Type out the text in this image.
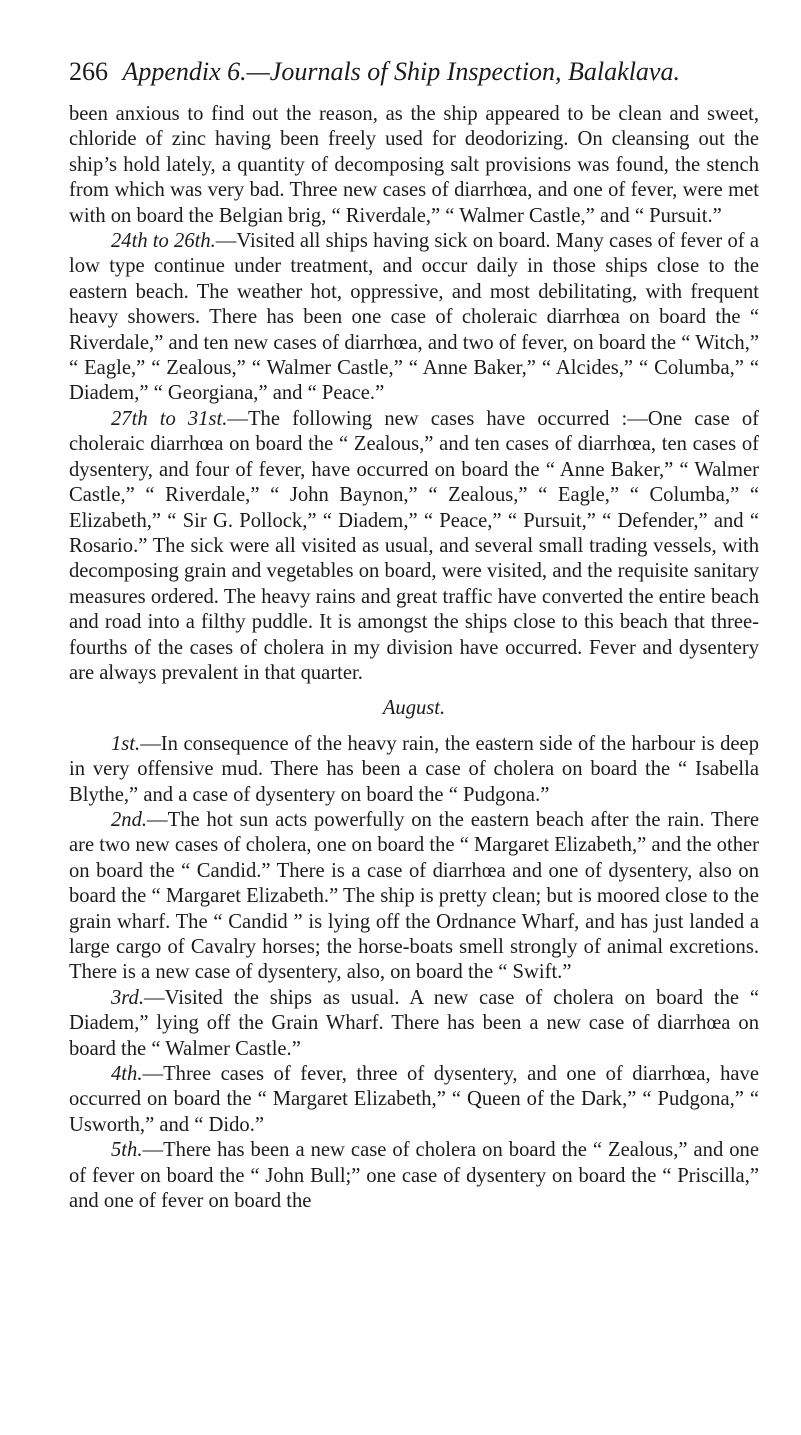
266 Appendix 6.—Journals of Ship Inspection, Balaklava.

been anxious to find out the reason, as the ship appeared to be clean and sweet, chloride of zinc having been freely used for deodorizing. On cleansing out the ship’s hold lately, a quantity of decomposing salt provisions was found, the stench from which was very bad. Three new cases of diarrhœa, and one of fever, were met with on board the Belgian brig, “ Riverdale,” “ Walmer Castle,” and “ Pursuit.”

24th to 26th.—Visited all ships having sick on board. Many cases of fever of a low type continue under treatment, and occur daily in those ships close to the eastern beach. The weather hot, oppressive, and most debilitating, with frequent heavy showers. There has been one case of choleraic diarrhœa on board the “ Riverdale,” and ten new cases of diarrhœa, and two of fever, on board the “ Witch,” “ Eagle,” “ Zealous,” “ Walmer Castle,” “ Anne Baker,” “ Alcides,” “ Columba,” “ Diadem,” “ Georgiana,” and “ Peace.”

27th to 31st.—The following new cases have occurred :—One case of choleraic diarrhœa on board the “ Zealous,” and ten cases of diarrhœa, ten cases of dysentery, and four of fever, have occurred on board the “ Anne Baker,” “ Walmer Castle,” “ Riverdale,” “ John Baynon,” “ Zealous,” “ Eagle,” “ Columba,” “ Elizabeth,” “ Sir G. Pollock,” “ Diadem,” “ Peace,” “ Pursuit,” “ Defender,” and “ Rosario.” The sick were all visited as usual, and several small trading vessels, with decomposing grain and vegetables on board, were visited, and the requisite sanitary measures ordered. The heavy rains and great traffic have converted the entire beach and road into a filthy puddle. It is amongst the ships close to this beach that three-fourths of the cases of cholera in my division have occurred. Fever and dysentery are always prevalent in that quarter.

August.

1st.—In consequence of the heavy rain, the eastern side of the harbour is deep in very offensive mud. There has been a case of cholera on board the “ Isabella Blythe,” and a case of dysentery on board the “ Pudgona.”

2nd.—The hot sun acts powerfully on the eastern beach after the rain. There are two new cases of cholera, one on board the “ Margaret Elizabeth,” and the other on board the “ Candid.” There is a case of diarrhœa and one of dysentery, also on board the “ Margaret Elizabeth.” The ship is pretty clean; but is moored close to the grain wharf. The “ Candid ” is lying off the Ordnance Wharf, and has just landed a large cargo of Cavalry horses; the horse-boats smell strongly of animal excretions. There is a new case of dysentery, also, on board the “ Swift.”

3rd.—Visited the ships as usual. A new case of cholera on board the “ Diadem,” lying off the Grain Wharf. There has been a new case of diarrhœa on board the “ Walmer Castle.”

4th.—Three cases of fever, three of dysentery, and one of diarrhœa, have occurred on board the “ Margaret Elizabeth,” “ Queen of the Dark,” “ Pudgona,” “ Usworth,” and “ Dido.”

5th.—There has been a new case of cholera on board the “ Zealous,” and one of fever on board the “ John Bull;” one case of dysentery on board the “ Priscilla,” and one of fever on board the
